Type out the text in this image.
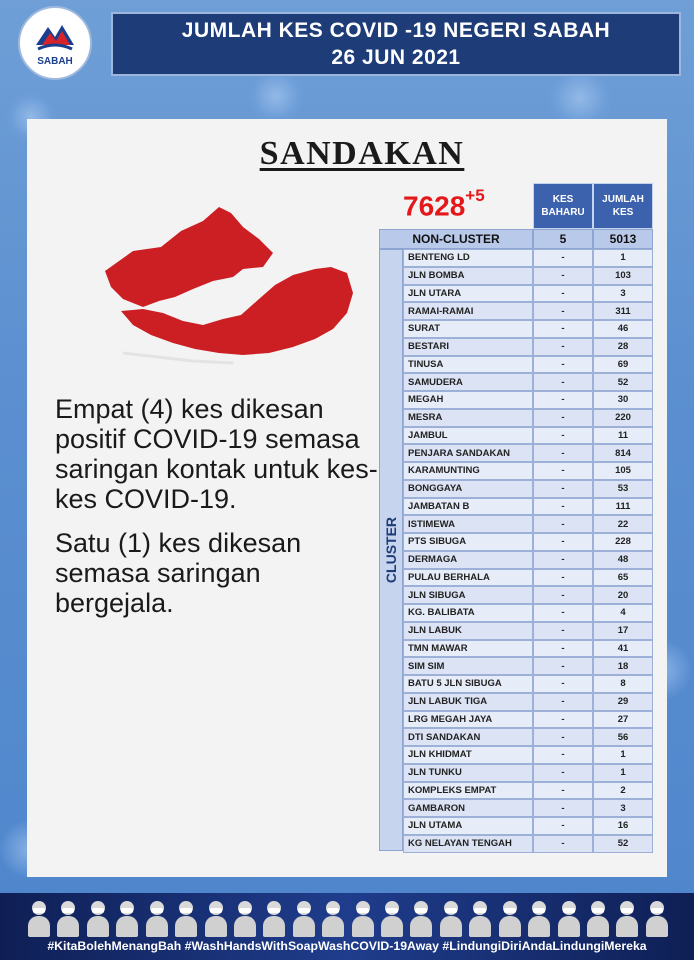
SABAH
JUMLAH KES COVID -19 NEGERI SABAH
26 JUN 2021
SANDAKAN

Empat (4) kes dikesan positif COVID-19 semasa saringan kontak untuk kes-kes COVID-19.

Satu (1) kes dikesan semasa saringan bergejala.

$7628^{+5}$	KES
BAHARU
JUMLAH
KES
NON-CLUSTER	5	5013
CLUSTER
BENTENG LD	-	1
JLN BOMBA	-	103
JLN UTARA	-	3
RAMAI-RAMAI	-	311
SURAT	-	46
BESTARI	-	28
TINUSA	-	69
SAMUDERA	-	52
MEGAH	-	30
MESRA	-	220
JAMBUL	-	11
PENJARA SANDAKAN	-	814
KARAMUNTING	-	105
BONGGAYA	-	53
JAMBATAN B	-	111
ISTIMEWA	-	22
PTS SIBUGA	-	228
DERMAGA	-	48
PULAU BERHALA	-	65
JLN SIBUGA	-	20
KG. BALIBATA	-	4
JLN LABUK	-	17
TMN MAWAR	-	41
SIM SIM	-	18
BATU 5 JLN SIBUGA	-	8
JLN LABUK TIGA	-	29
LRG MEGAH JAYA	-	27
DTI SANDAKAN	-	56
JLN KHIDMAT	-	1
JLN TUNKU	-	1
KOMPLEKS EMPAT	-	2
GAMBARON	-	3
JLN UTAMA	-	16
KG NELAYAN TENGAH	-	52
#KitaBolehMenangBah #WashHandsWithSoapWashCOVID-19Away #LindungiDiriAndaLindungiMereka
